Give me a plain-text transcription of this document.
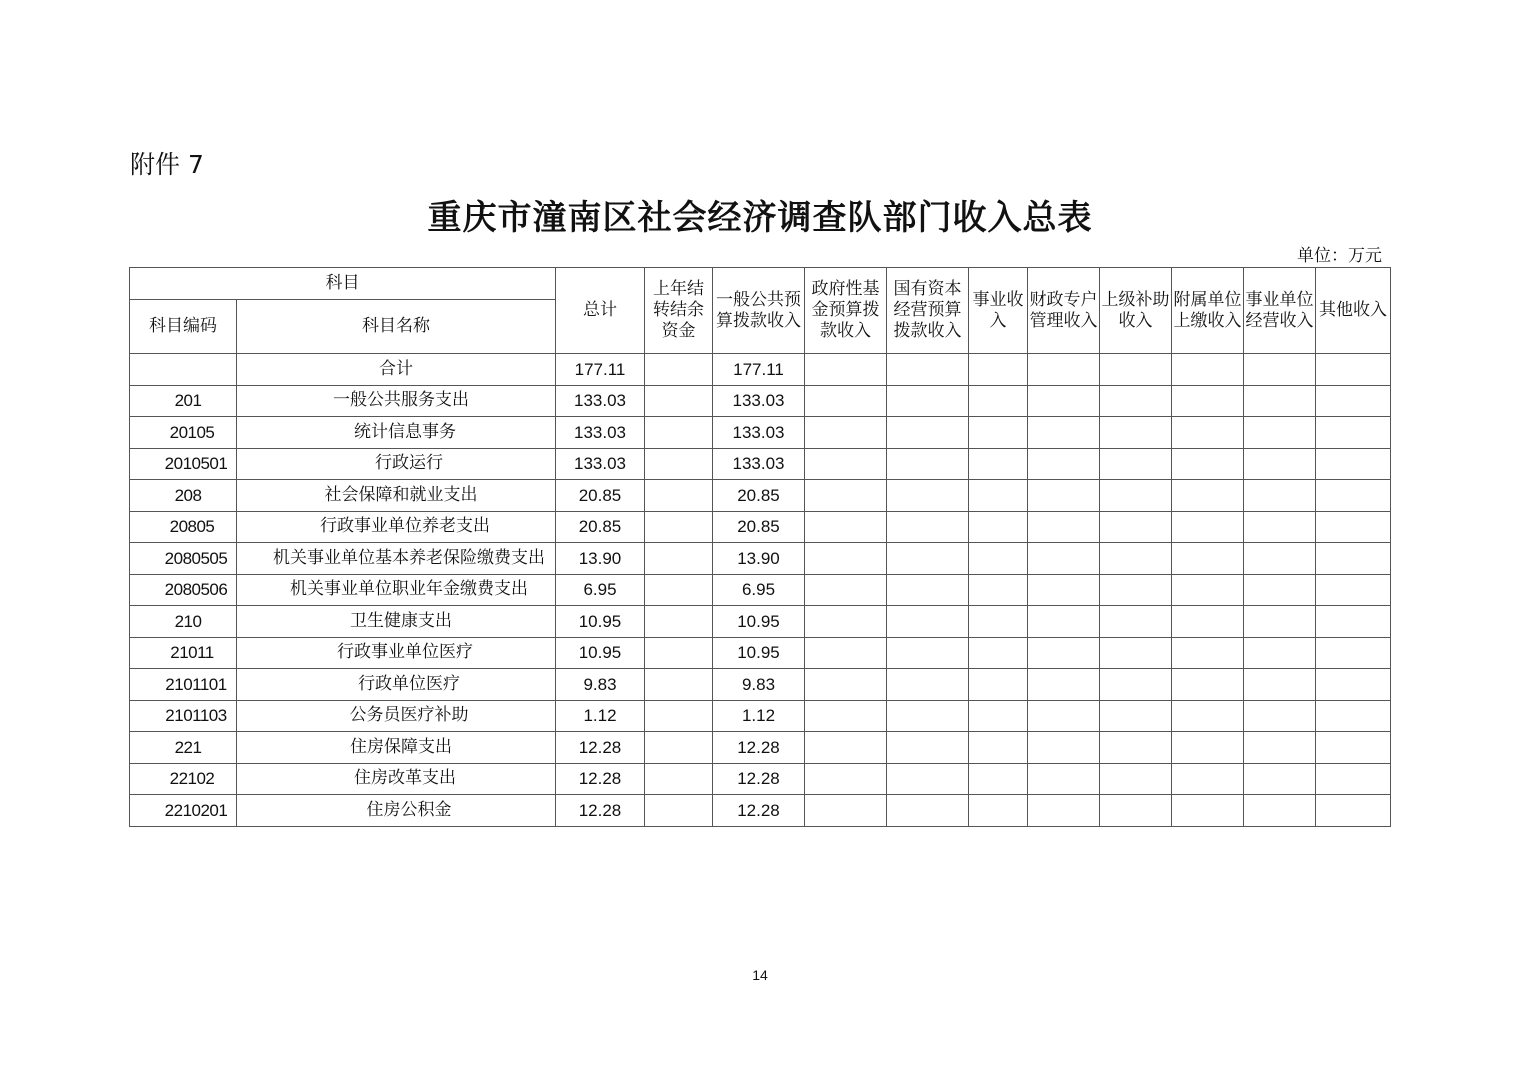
附件 7
重庆市潼南区社会经济调查队部门收入总表
单位：万元
科目		总计	上年结转结余资金	一般公共预算拨款收入	政府性基金预算拨款收入	国有资本经营预算拨款收入	事业收入	财政专户管理收入	上级补助收入	附属单位上缴收入	事业单位经营收入	其他收入
科目编码	科目名称											
	合计	177.11		177.11								
201	一般公共服务支出	133.03		133.03								
20105	统计信息事务	133.03		133.03								
2010501	行政运行	133.03		133.03								
208	社会保障和就业支出	20.85		20.85								
20805	行政事业单位养老支出	20.85		20.85								
2080505	机关事业单位基本养老保险缴费支出	13.90		13.90								
2080506	机关事业单位职业年金缴费支出	6.95		6.95								
210	卫生健康支出	10.95		10.95								
21011	行政事业单位医疗	10.95		10.95								
2101101	行政单位医疗	9.83		9.83								
2101103	公务员医疗补助	1.12		1.12								
221	住房保障支出	12.28		12.28								
22102	住房改革支出	12.28		12.28								
2210201	住房公积金	12.28		12.28								
14
